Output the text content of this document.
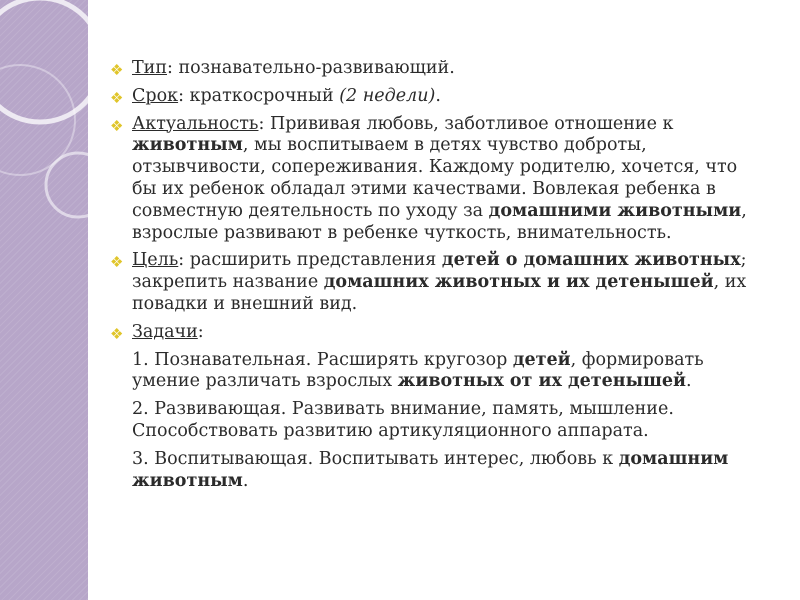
❖ Тип: познавательно-развивающий.
❖ Срок: краткосрочный (2 недели).
❖ Актуальность: Прививая любовь, заботливое отношение к животным, мы воспитываем в детях чувство доброты, отзывчивости, сопереживания. Каждому родителю, хочется, что бы их ребенок обладал этими качествами. Вовлекая ребенка в совместную деятельность по уходу за домашними животными, взрослые развивают в ребенке чуткость, внимательность.
❖ Цель: расширить представления детей о домашних животных; закрепить название домашних животных и их детенышей, их повадки и внешний вид.
❖ Задачи:
1. Познавательная. Расширять кругозор детей, формировать умение различать взрослых животных от их детенышей.
2. Развивающая. Развивать внимание, память, мышление. Способствовать развитию артикуляционного аппарата.
3. Воспитывающая. Воспитывать интерес, любовь к домашним животным.
